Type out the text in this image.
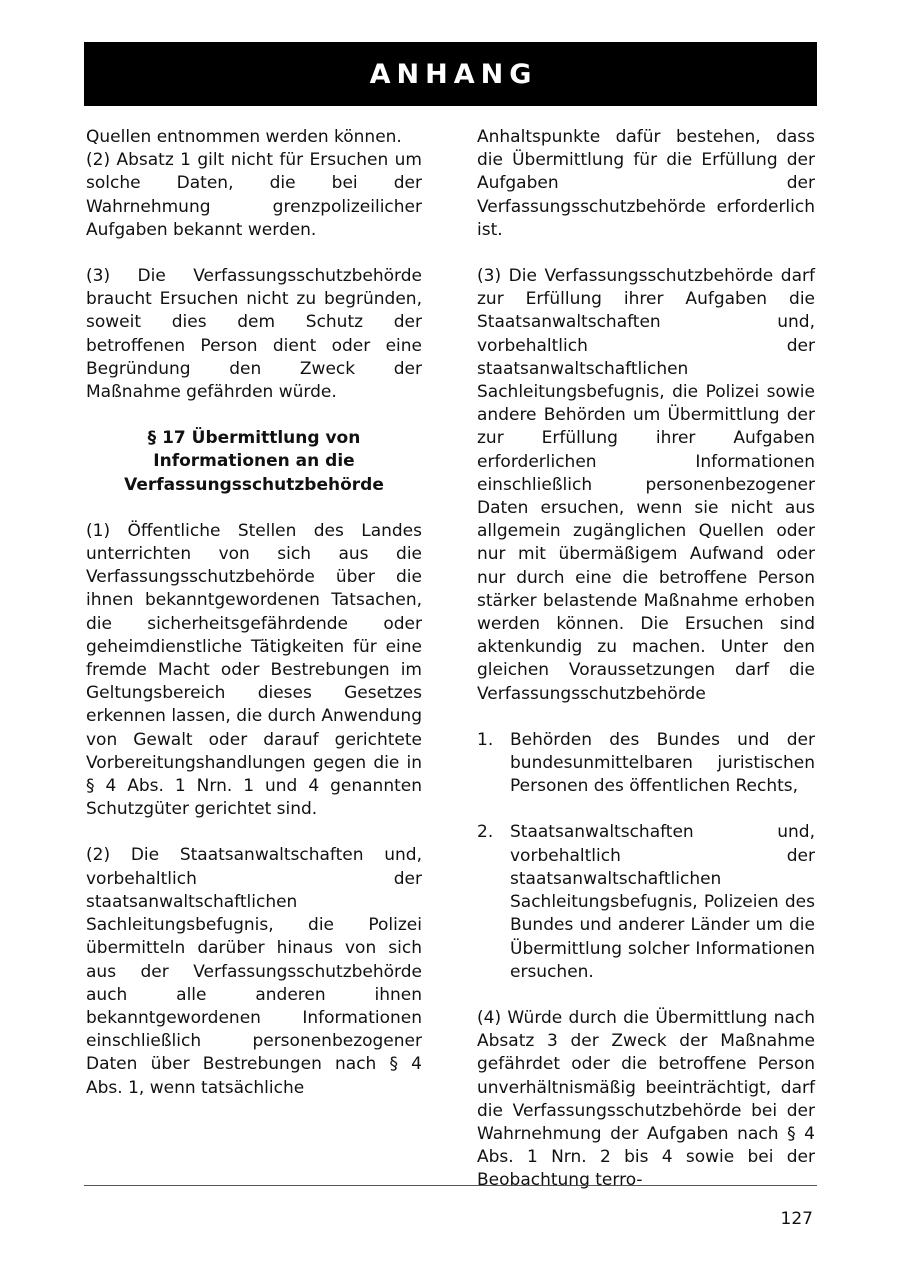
ANHANG

Quellen entnommen werden können.

(2) Absatz 1 gilt nicht für Ersuchen um solche Daten, die bei der Wahrnehmung grenzpolizeilicher Aufgaben bekannt werden.

(3) Die Verfassungsschutzbehörde braucht Ersuchen nicht zu begründen, soweit dies dem Schutz der betroffenen Person dient oder eine Begründung den Zweck der Maßnahme gefährden würde.

§ 17 Übermittlung von
Informationen an die
Verfassungsschutzbehörde

(1) Öffentliche Stellen des Landes unterrichten von sich aus die Verfassungsschutzbehörde über die ihnen bekanntgewordenen Tatsachen, die sicherheitsgefährdende oder geheimdienstliche Tätigkeiten für eine fremde Macht oder Bestrebungen im Geltungsbereich dieses Gesetzes erkennen lassen, die durch Anwendung von Gewalt oder darauf gerichtete Vorbereitungshandlungen gegen die in § 4 Abs. 1 Nrn. 1 und 4 genannten Schutzgüter gerichtet sind.

(2) Die Staatsanwaltschaften und, vorbehaltlich der staatsanwaltschaftlichen Sachleitungsbefugnis, die Polizei übermitteln darüber hinaus von sich aus der Verfassungsschutzbehörde auch alle anderen ihnen bekanntgewordenen Informationen einschließlich personenbezogener Daten über Bestrebungen nach § 4 Abs. 1, wenn tatsächliche

Anhaltspunkte dafür bestehen, dass die Übermittlung für die Erfüllung der Aufgaben der Verfassungsschutzbehörde erforderlich ist.

(3) Die Verfassungsschutzbehörde darf zur Erfüllung ihrer Aufgaben die Staatsanwaltschaften und, vorbehaltlich der staatsanwaltschaftlichen Sachleitungsbefugnis, die Polizei sowie andere Behörden um Übermittlung der zur Erfüllung ihrer Aufgaben erforderlichen Informationen einschließlich personenbezogener Daten ersuchen, wenn sie nicht aus allgemein zugänglichen Quellen oder nur mit übermäßigem Aufwand oder nur durch eine die betroffene Person stärker belastende Maßnahme erhoben werden können. Die Ersuchen sind aktenkundig zu machen. Unter den gleichen Voraussetzungen darf die Verfassungsschutzbehörde

1. Behörden des Bundes und der bundesunmittelbaren juristischen Personen des öffentlichen Rechts,
2. Staatsanwaltschaften und, vorbehaltlich der staatsanwaltschaftlichen Sachleitungsbefugnis, Polizeien des Bundes und anderer Länder um die Übermittlung solcher Informationen ersuchen.

(4) Würde durch die Übermittlung nach Absatz 3 der Zweck der Maßnahme gefährdet oder die betroffene Person unverhältnismäßig beeinträchtigt, darf die Verfassungsschutzbehörde bei der Wahrnehmung der Aufgaben nach § 4 Abs. 1 Nrn. 2 bis 4 sowie bei der Beobachtung terro-

127
